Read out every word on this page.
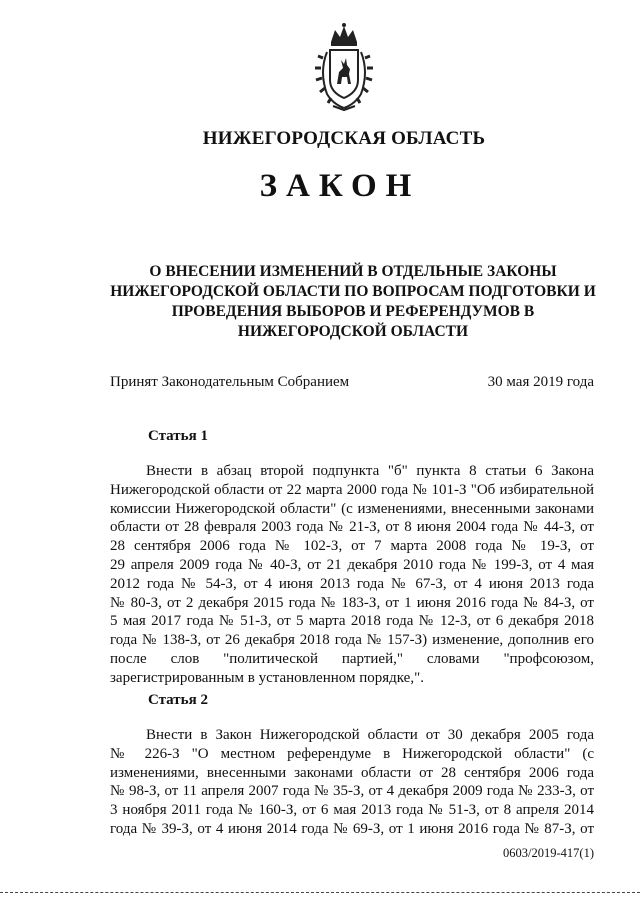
НИЖЕГОРОДСКАЯ ОБЛАСТЬ
ЗАКОН
О ВНЕСЕНИИ ИЗМЕНЕНИЙ В ОТДЕЛЬНЫЕ ЗАКОНЫ
НИЖЕГОРОДСКОЙ ОБЛАСТИ ПО ВОПРОСАМ ПОДГОТОВКИ И
ПРОВЕДЕНИЯ ВЫБОРОВ И РЕФЕРЕНДУМОВ В
НИЖЕГОРОДСКОЙ ОБЛАСТИ
Принят Законодательным Собранием	30 мая 2019 года
Статья 1
Внести в абзац второй подпункта "б" пункта 8 статьи 6 Закона
Нижегородской области от 22 марта 2000 года № 101-З "Об избирательной
комиссии Нижегородской области" (с изменениями, внесенными законами
области от 28 февраля 2003 года № 21-З, от 8 июня 2004 года № 44-З, от
28 сентября 2006 года № 102-З, от 7 марта 2008 года № 19-З, от
29 апреля 2009 года № 40-З, от 21 декабря 2010 года № 199-З, от 4 мая
2012 года № 54-З, от 4 июня 2013 года № 67-З, от 4 июня 2013 года
№ 80-З, от 2 декабря 2015 года № 183-З, от 1 июня 2016 года № 84-З, от
5 мая 2017 года № 51-З, от 5 марта 2018 года № 12-З, от 6 декабря 2018
года № 138-З, от 26 декабря 2018 года № 157-З) изменение, дополнив его
после слов "политической партией," словами "профсоюзом,
зарегистрированным в установленном порядке,".
Статья 2
Внести в Закон Нижегородской области от 30 декабря 2005 года
№ 226-З "О местном референдуме в Нижегородской области" (с
изменениями, внесенными законами области от 28 сентября 2006 года
№ 98-З, от 11 апреля 2007 года № 35-З, от 4 декабря 2009 года № 233-З, от
3 ноября 2011 года № 160-З, от 6 мая 2013 года № 51-З, от 8 апреля 2014
года № 39-З, от 4 июня 2014 года № 69-З, от 1 июня 2016 года № 87-З, от
0603/2019-417(1)
